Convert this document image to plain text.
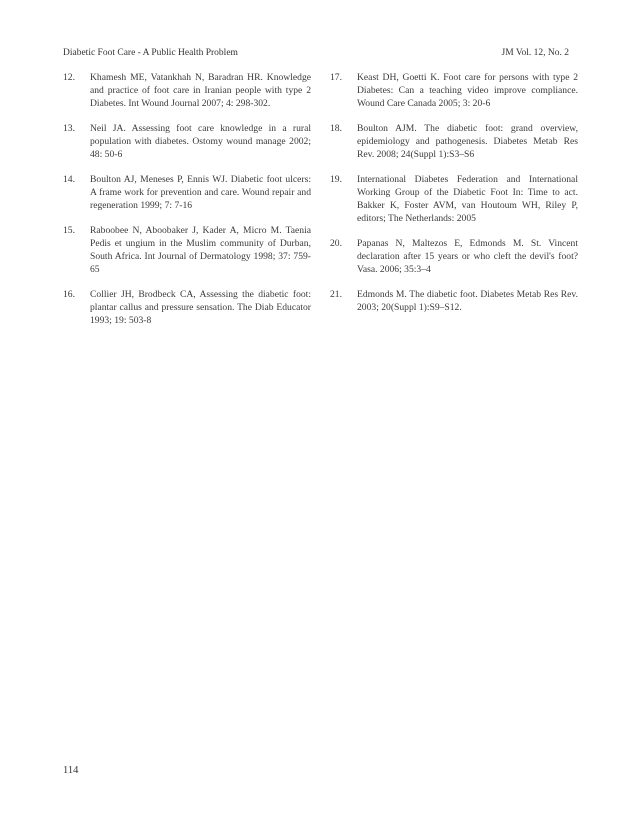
Diabetic Foot Care - A Public Health Problem	JM Vol. 12, No. 2
12. Khamesh ME, Vatankhah N, Baradran HR. Knowledge and practice of foot care in Iranian people with type 2 Diabetes. Int Wound Journal 2007; 4: 298-302.
13. Neil JA. Assessing foot care knowledge in a rural population with diabetes. Ostomy wound manage 2002; 48: 50-6
14. Boulton AJ, Meneses P, Ennis WJ. Diabetic foot ulcers: A frame work for prevention and care. Wound repair and regeneration 1999; 7: 7-16
15. Raboobee N, Aboobaker J, Kader A, Micro M. Taenia Pedis et ungium in the Muslim community of Durban, South Africa. Int Journal of Dermatology 1998; 37: 759-65
16. Collier JH, Brodbeck CA, Assessing the diabetic foot: plantar callus and pressure sensation. The Diab Educator 1993; 19: 503-8
17. Keast DH, Goetti K. Foot care for persons with type 2 Diabetes: Can a teaching video improve compliance. Wound Care Canada 2005; 3: 20-6
18. Boulton AJM. The diabetic foot: grand overview, epidemiology and pathogenesis. Diabetes Metab Res Rev. 2008; 24(Suppl 1):S3–S6
19. International Diabetes Federation and International Working Group of the Diabetic Foot In: Time to act. Bakker K, Foster AVM, van Houtoum WH, Riley P, editors; The Netherlands: 2005
20. Papanas N, Maltezos E, Edmonds M. St. Vincent declaration after 15 years or who cleft the devil's foot? Vasa. 2006; 35:3–4
21. Edmonds M. The diabetic foot. Diabetes Metab Res Rev. 2003; 20(Suppl 1):S9–S12.
114
